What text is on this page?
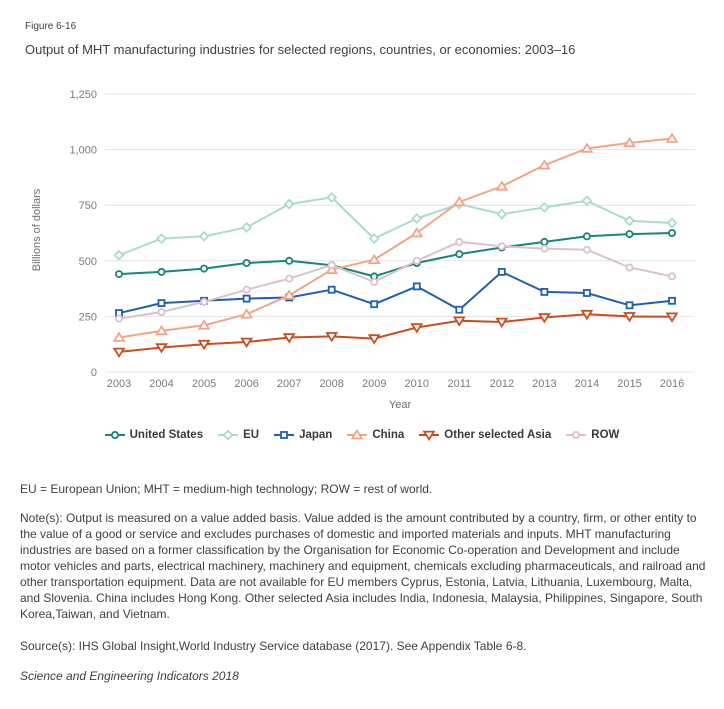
Figure 6-16
Output of MHT manufacturing industries for selected regions, countries, or economies: 2003–16
0
250
500
750
1,000
1,250
2003 2004 2005 2006 2007 2008 2009 2010 2011 2012 2013 2014 2015 2016
Year
Billions of dollars
United States	EU	Japan	China	Other selected Asia	ROW
EU = European Union; MHT = medium-high technology; ROW = rest of world.
Note(s): Output is measured on a value added basis. Value added is the amount contributed by a country, firm, or other entity to the value of a good or service and excludes purchases of domestic and imported materials and inputs. MHT manufacturing industries are based on a former classification by the Organisation for Economic Co-operation and Development and include motor vehicles and parts, electrical machinery, machinery and equipment, chemicals excluding pharmaceuticals, and railroad and other transportation equipment. Data are not available for EU members Cyprus, Estonia, Latvia, Lithuania, Luxembourg, Malta, and Slovenia. China includes Hong Kong. Other selected Asia includes India, Indonesia, Malaysia, Philippines, Singapore, South Korea,Taiwan, and Vietnam.
Source(s): IHS Global Insight,World Industry Service database (2017). See Appendix Table 6-8.
Science and Engineering Indicators 2018
